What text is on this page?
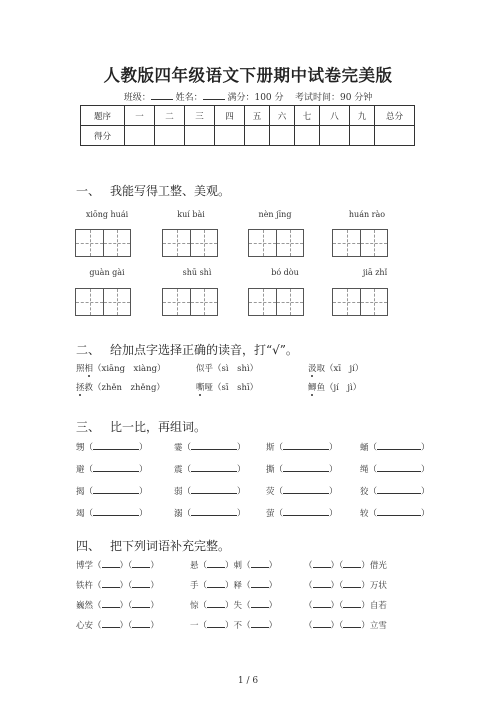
人教版四年级语文下册期中试卷完美版
班级：	姓名：	满分：100 分 考试时间：90 分钟
题序	一	二	三	四	五	六	七	八	九	总分
得分										
一、 我能写得工整、美观。
xiōng huái	kuí bài	nèn jīng	huán rào
guàn gài	shū shì	bó dòu	jiā zhǐ
二、 给加点字选择正确的读音，打“√”。
照相（xiāng　xiàng）	似乎（sì　shì）	汲取（xī　jí）
拯救（zhěn　zhěng）	嘶哑（sī　shī）	鲫鱼（jí　jì）
三、 比一比，再组词。
甥（	）	霎（	） 斯（	）	蛹（	）
避（	）	震（	） 撕（	）	绳（	）
揭（	）	弱（	） 荧（	）	狡（	）
竭（	）	溺（	） 萤（	）	较（	）
四、 把下列词语补充完整。
博学（ ）（ ）	悬（ ）刺（ ）	（ ）（ ）借光
铁杵（ ）（ ）	手（ ）释（ ）	（ ）（ ）万状
巍然（ ）（ ）	惊（ ）失（ ）	（ ）（ ）自若
心安（ ）（ ）	一（ ）不（ ）	（ ）（ ）立雪
1 / 6
